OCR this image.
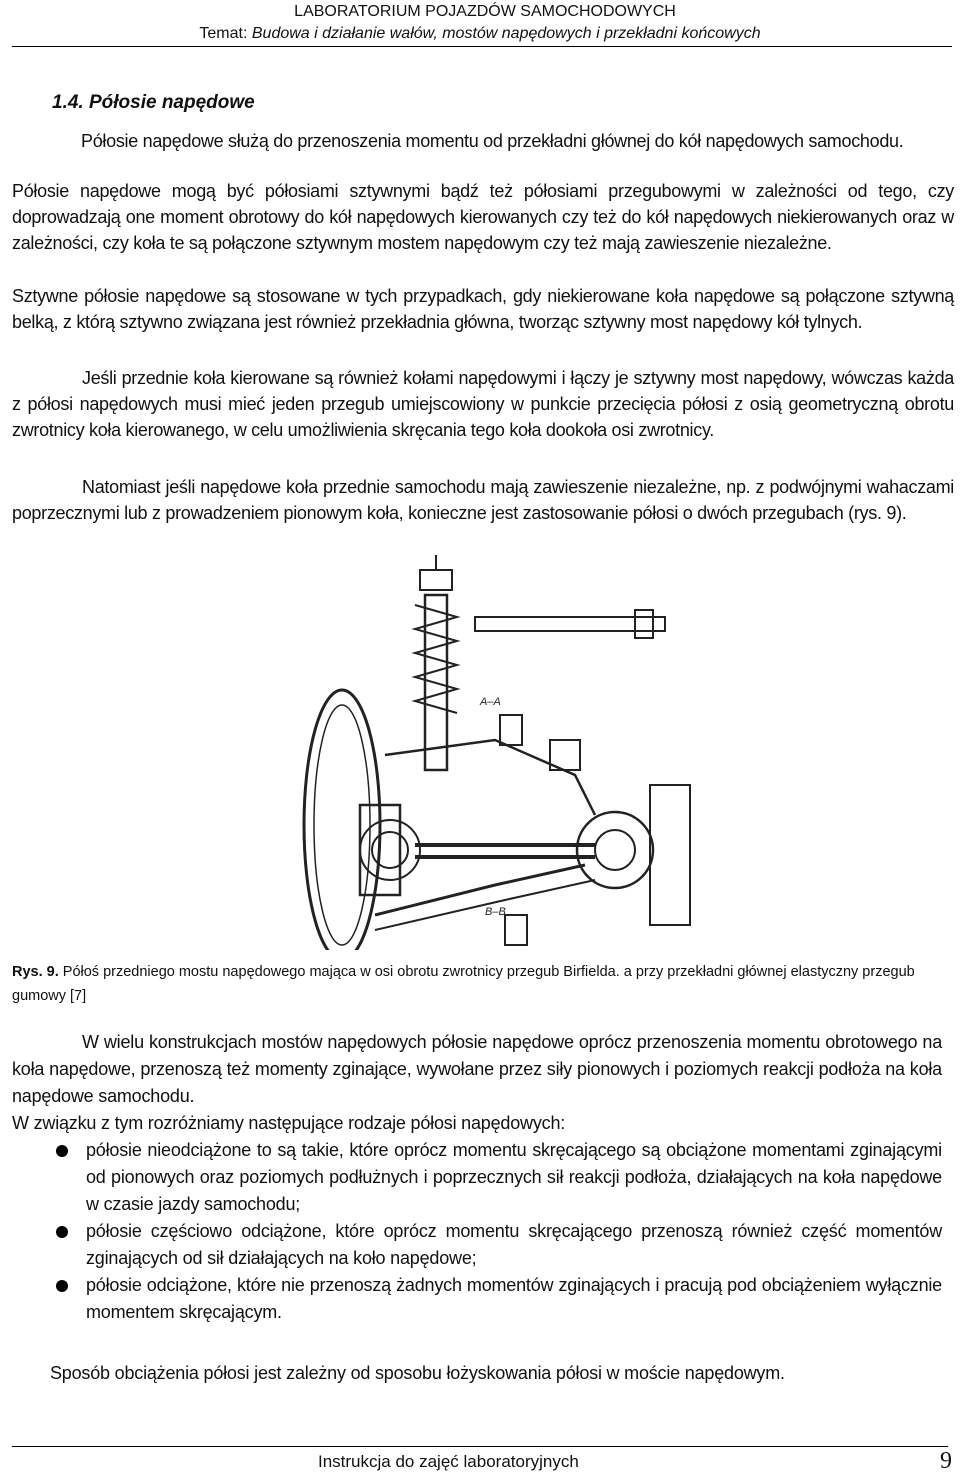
LABORATORIUM POJAZDÓW SAMOCHODOWYCH
Temat: Budowa i działanie wałów, mostów napędowych i przekładni końcowych
1.4. Półosie napędowe
Półosie napędowe służą do przenoszenia momentu od przekładni głównej do kół napędowych samochodu.
Półosie napędowe mogą być półosiami sztywnymi bądź też półosiami przegubowymi w zależności od tego, czy doprowadzają one moment obrotowy do kół napędowych kierowanych czy też do kół napędowych niekierowanych oraz w zależności, czy koła te są połączone sztywnym mostem napędowym czy też mają zawieszenie niezależne.
Sztywne półosie napędowe są stosowane w tych przypadkach, gdy niekierowane koła napędowe są połączone sztywną belką, z którą sztywno związana jest również przekładnia główna, tworząc sztywny most napędowy kół tylnych.
Jeśli przednie koła kierowane są również kołami napędowymi i łączy je sztywny most napędowy, wówczas każda z półosi napędowych musi mieć jeden przegub umiejscowiony w punkcie przecięcia półosi z osią geometryczną obrotu zwrotnicy koła kierowanego, w celu umożliwienia skręcania tego koła dookoła osi zwrotnicy.
Natomiast jeśli napędowe koła przednie samochodu mają zawieszenie niezależne, np. z podwójnymi wahaczami poprzecznymi lub z prowadzeniem pionowym koła, konieczne jest zastosowanie półosi o dwóch przegubach (rys. 9).
A–A
B–B
Rys. 9. Półoś przedniego mostu napędowego mająca w osi obrotu zwrotnicy przegub Birfielda. a przy przekładni głównej elastyczny przegub gumowy [7]
W wielu konstrukcjach mostów napędowych półosie napędowe oprócz przenoszenia momentu obrotowego na koła napędowe, przenoszą też momenty zginające, wywołane przez siły pionowych i poziomych reakcji podłoża na koła napędowe samochodu.
W związku z tym rozróżniamy następujące rodzaje półosi napędowych:
półosie nieodciążone to są takie, które oprócz momentu skręcającego są obciążone momentami zginającymi od pionowych oraz poziomych podłużnych i poprzecznych sił reakcji podłoża, działających na koła napędowe w czasie jazdy samochodu;
półosie częściowo odciążone, które oprócz momentu skręcającego przenoszą również część momentów zginających od sił działających na koło napędowe;
półosie odciążone, które nie przenoszą żadnych momentów zginających i pracują pod obciążeniem wyłącznie momentem skręcającym.
Sposób obciążenia półosi jest zależny od sposobu łożyskowania półosi w moście napędowym.
Instrukcja do zajęć laboratoryjnych	9
